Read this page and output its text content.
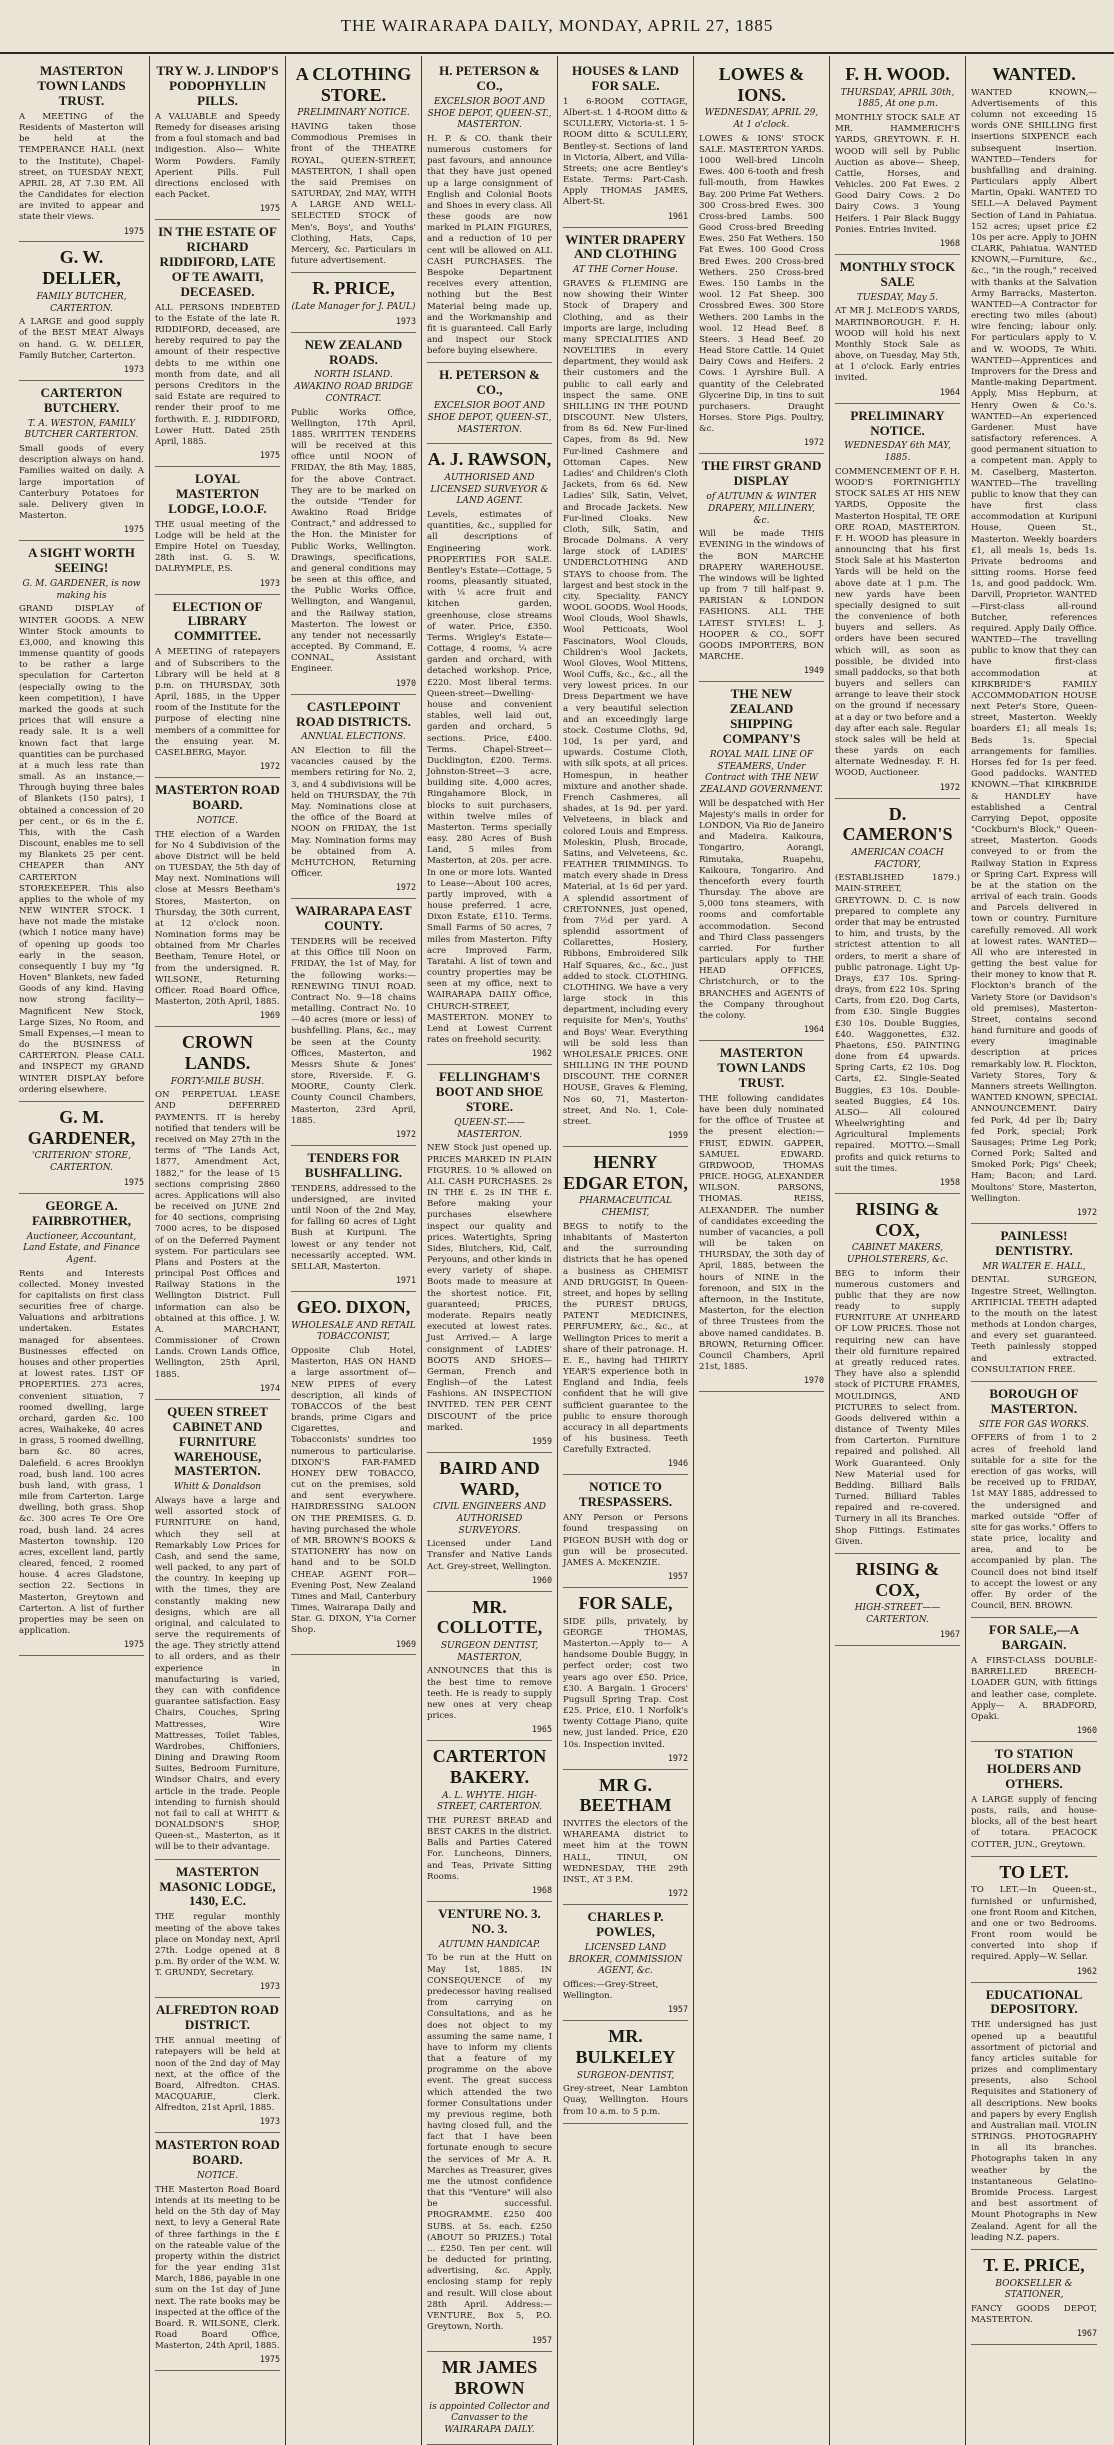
THE WAIRARAPA DAILY, MONDAY, APRIL 27, 1885
MASTERTON TOWN LANDS TRUST.
A MEETING of the Residents of Masterton will be held at the TEMPERANCE HALL (next to the Institute), Chapel-street, on TUESDAY NEXT, APRIL 28, AT 7.30 P.M. All the Candidates for election are invited to appear and state their views.
1975
G. W. DELLER,
FAMILY BUTCHER, CARTERTON.
A LARGE and good supply of the BEST MEAT Always on hand. G. W. DELLER, Family Butcher, Carterton.
1973
CARTERTON BUTCHERY.
T. A. WESTON, FAMILY BUTCHER CARTERTON.
Small goods of every description always on hand. Families waited on daily. A large importation of Canterbury Potatoes for sale. Delivery given in Masterton.
1975
A SIGHT WORTH SEEING!
G. M. GARDENER, is now making his
GRAND DISPLAY of WINTER GOODS. A NEW Winter Stock amounts to £3,000, and knowing this immense quantity of goods to be rather a large speculation for Carterton (especially owing to the keen competition), I have marked the goods at such prices that will ensure a ready sale. It is a well known fact that large quantities can be purchased at a much less rate than small. As an instance,—Through buying three bales of Blankets (150 pairs), I obtained a concession of 20 per cent., or 6s in the £. This, with the Cash Discount, enables me to sell my Blankets 25 per cent. CHEAPER than ANY CARTERTON STOREKEEPER. This also applies to the whole of my NEW WINTER STOCK. I have not made the mistake (which I notice many have) of opening up goods too early in the season, consequently I buy my "Ig Hoven" Blankets, new faded Goods of any kind. Having now strong facility—Magnificent New Stock, Large Sizes, No Room, and Small Expenses,—I mean to do the BUSINESS of CARTERTON. Please CALL and INSPECT my GRAND WINTER DISPLAY before ordering elsewhere.
G. M. GARDENER,
'CRITERION' STORE, CARTERTON.
1975
GEORGE A. FAIRBROTHER,
Auctioneer, Accountant, Land Estate, and Finance Agent.
Rents and Interests collected. Money invested for capitalists on first class securities free of charge. Valuations and arbitrations undertaken. Estates managed for absentees. Businesses effected on houses and other properties at lowest rates. LIST OF PROPERTIES. 273 acres, convenient situation, 7 roomed dwelling, large orchard, garden &c. 100 acres, Waihakeke, 40 acres in grass, 5 roomed dwelling, barn &c. 80 acres, Dalefield. 6 acres Brooklyn road, bush land. 100 acres bush land, with grass, 1 mile from Carterton. Large dwelling, both grass. Shop &c. 300 acres Te Ore Ore road, bush land. 24 acres Masterton township. 120 acres, excellent land, partly cleared, fenced, 2 roomed house. 4 acres Gladstone, section 22. Sections in Masterton, Greytown and Carterton. A list of further properties may be seen on application.
1975
TRY W. J. LINDOP'S PODOPHYLLIN PILLS.
A VALUABLE and Speedy Remedy for diseases arising from a foul stomach and bad indigestion. Also— White Worm Powders. Family Aperient Pills. Full directions enclosed with each Packet.
1975
IN THE ESTATE OF RICHARD RIDDIFORD, LATE OF TE AWAITI, DECEASED.
ALL PERSONS INDEBTED to the Estate of the late R. RIDDIFORD, deceased, are hereby required to pay the amount of their respective debts to me within one month from date, and all persons Creditors in the said Estate are required to render their proof to me forthwith. E. J. RIDDIFORD, Lower Hutt. Dated 25th April, 1885.
1975
LOYAL MASTERTON LODGE, I.O.O.F.
THE usual meeting of the Lodge will be held at the Empire Hotel on Tuesday, 28th inst. G. S. W. DALRYMPLE, P.S.
1973
ELECTION OF LIBRARY COMMITTEE.
A MEETING of ratepayers and of Subscribers to the Library will be held at 8 p.m. on THURSDAY, 30th April, 1885, in the Upper room of the Institute for the purpose of electing nine members of a committee for the ensuing year. M. CASELBERG, Mayor.
1972
MASTERTON ROAD BOARD.
NOTICE.
THE election of a Warden for No 4 Subdivision of the above District will be held on TUESDAY, the 5th day of May next. Nominations will close at Messrs Beetham's Stores, Masterton, on Thursday, the 30th current, at 12 o'clock noon. Nomination forms may be obtained from Mr Charles Beetham, Tenure Hotel, or from the undersigned. R. WILSONE, Returning Officer. Road Board Office, Masterton, 20th April, 1885.
1969
CROWN LANDS.
FORTY-MILE BUSH.
ON PERPETUAL LEASE AND DEFERRED PAYMENTS. IT is hereby notified that tenders will be received on May 27th in the terms of "The Lands Act, 1877, Amendment Act, 1882," for the lease of 15 sections comprising 2860 acres. Applications will also be received on JUNE 2nd for 40 sections, comprising 7000 acres, to be disposed of on the Deferred Payment system. For particulars see Plans and Posters at the principal Post Offices and Railway Stations in the Wellington District. Full information can also be obtained at this office. J. W. A. MARCHANT, Commissioner of Crown Lands. Crown Lands Office, Wellington, 25th April, 1885.
1974
QUEEN STREET CABINET AND FURNITURE WAREHOUSE, MASTERTON.
Whitt & Donaldson
Always have a large and well assorted stock of FURNITURE on hand, which they sell at Remarkably Low Prices for Cash, and send the same, well packed, to any part of the country. In keeping up with the times, they are constantly making new designs, which are all original, and calculated to serve the requirements of the age. They strictly attend to all orders, and as their experience in manufacturing is varied, they can with confidence guarantee satisfaction. Easy Chairs, Couches, Spring Mattresses, Wire Mattresses, Toilet Tables, Wardrobes, Chiffoniers, Dining and Drawing Room Suites, Bedroom Furniture, Windsor Chairs, and every article in the trade. People intending to furnish should not fail to call at WHITT & DONALDSON'S SHOP, Queen-st., Masterton, as it will be to their advantage.
MASTERTON MASONIC LODGE, 1430, E.C.
THE regular monthly meeting of the above takes place on Monday next, April 27th. Lodge opened at 8 p.m. By order of the W.M. W. T. GRUNDY, Secretary.
1973
ALFREDTON ROAD DISTRICT.
THE annual meeting of ratepayers will be held at noon of the 2nd day of May next, at the office of the Board, Alfredton. CHAS. MACQUARIE, Clerk. Alfredton, 21st April, 1885.
1973
MASTERTON ROAD BOARD.
NOTICE.
THE Masterton Road Board intends at its meeting to be held on the 5th day of May next, to levy a General Rate of three farthings in the £ on the rateable value of the property within the district for the year ending 31st March, 1886, payable in one sum on the 1st day of June next. The rate books may be inspected at the office of the Board. R. WILSONE, Clerk. Road Board Office, Masterton, 24th April, 1885.
1975
A CLOTHING STORE.
PRELIMINARY NOTICE.
HAVING taken those Commodious Premises in front of the THEATRE ROYAL, QUEEN-STREET, MASTERTON, I shall open the said Premises on SATURDAY, 2nd MAY, WITH A LARGE AND WELL-SELECTED STOCK of Men's, Boys', and Youths' Clothing, Hats, Caps, Mercery, &c. Particulars in future advertisement.
R. PRICE,
(Late Manager for J. PAUL)
1973
NEW ZEALAND ROADS.
NORTH ISLAND. AWAKINO ROAD BRIDGE CONTRACT.
Public Works Office, Wellington, 17th April, 1885. WRITTEN TENDERS will be received at this office until NOON of FRIDAY, the 8th May, 1885, for the above Contract. They are to be marked on the outside "Tender for Awakino Road Bridge Contract," and addressed to the Hon. the Minister for Public Works, Wellington. Drawings, specifications, and general conditions may be seen at this office, and the Public Works Office, Wellington, and Wanganui, and the Railway station, Masterton. The lowest or any tender not necessarily accepted. By Command, E. CONNAL, Assistant Engineer.
1970
CASTLEPOINT ROAD DISTRICTS.
ANNUAL ELECTIONS.
AN Election to fill the vacancies caused by the members retiring for No. 2, 3, and 4 subdivisions will be held on THURSDAY, the 7th May. Nominations close at the office of the Board at NOON on FRIDAY, the 1st May. Nomination forms may be obtained from A. McHUTCHON, Returning Officer.
1972
WAIRARAPA EAST COUNTY.
TENDERS will be received at this Office till Noon on FRIDAY, the 1st of May, for the following works:— RENEWING TINUI ROAD. Contract No. 9—18 chains metalling. Contract No. 10—40 acres (more or less) of bushfelling. Plans, &c., may be seen at the County Offices, Masterton, and Messrs Shute & Jones' store, Riverside. F. G. MOORE, County Clerk. County Council Chambers, Masterton, 23rd April, 1885.
1972
TENDERS FOR BUSHFALLING.
TENDERS, addressed to the undersigned, are invited until Noon of the 2nd May, for falling 60 acres of Light Bush at Kuripuni. The lowest or any tender not necessarily accepted. WM. SELLAR, Masterton.
1971
GEO. DIXON,
WHOLESALE AND RETAIL TOBACCONIST,
Opposite Club Hotel, Masterton, HAS ON HAND a large assortment of— NEW PIPES of every description, all kinds of TOBACCOS of the best brands, prime Cigars and Cigarettes, and Tobacconists' sundries too numerous to particularise. DIXON'S FAR-FAMED HONEY DEW TOBACCO, cut on the premises, sold and sent everywhere. HAIRDRESSING SALOON ON THE PREMISES. G. D. having purchased the whole of MR. BROWN'S BOOKS & STATIONERY has now on hand and to be SOLD CHEAP. AGENT FOR— Evening Post, New Zealand Times and Mail, Canterbury Times, Wairarapa Daily and Star. G. DIXON, Y'ia Corner Shop.
1969
H. PETERSON & CO.,
EXCELSIOR BOOT AND SHOE DEPOT, QUEEN-ST., MASTERTON.
H. P. & CO. thank their numerous customers for past favours, and announce that they have just opened up a large consignment of English and Colonial Boots and Shoes in every class. All these goods are now marked in PLAIN FIGURES, and a reduction of 10 per cent will be allowed on ALL CASH PURCHASES. The Bespoke Department receives every attention, nothing but the Best Material being made up, and the Workmanship and fit is guaranteed. Call Early and inspect our Stock before buying elsewhere.
H. PETERSON & CO.,
EXCELSIOR BOOT AND SHOE DEPOT, QUEEN-ST., MASTERTON.
A. J. RAWSON,
AUTHORISED AND LICENSED SURVEYOR & LAND AGENT.
Levels, estimates of quantities, &c., supplied for all descriptions of Engineering work. PROPERTIES FOR SALE. Bentley's Estate—Cottage, 5 rooms, pleasantly situated, with ¼ acre fruit and kitchen garden, greenhouse, close streams of water. Price, £350. Terms. Wrigley's Estate—Cottage, 4 rooms, ¼ acre garden and orchard, with detached workshop. Price, £220. Most liberal terms. Queen-street—Dwelling-house and convenient stables, well laid out, garden and orchard, 5 sections. Price, £400. Terms. Chapel-Street—Ducklington, £200. Terms. Johnston-Street—3 acre, building site. 4,000 acres, Ringahamore Block, in blocks to suit purchasers, within twelve miles of Masterton. Terms specially easy. 280 Acres of Bush Land, 5 miles from Masterton, at 20s. per acre. In one or more lots. Wanted to Lease—About 100 acres, partly improved, with a house preferred. 1 acre, Dixon Estate, £110. Terms. Small Farms of 50 acres, 7 miles from Masterton. Fifty acre Improved Farm, Taratahi. A list of town and country properties may be seen at my office, next to WAIRARAPA DAILY Office, CHURCH-STREET, MASTERTON. MONEY to Lend at Lowest Current rates on freehold security.
1962
FELLINGHAM'S BOOT AND SHOE STORE.
QUEEN-ST.——MASTERTON.
NEW Stock just opened up. PRICES MARKED IN PLAIN FIGURES. 10 % allowed on ALL CASH PURCHASES. 2s IN THE £. 2s IN THE £. Before making your purchases elsewhere inspect our quality and prices. Watertights, Spring Sides, Blutchers, Kid, Calf, Peryouns, and other kinds in every variety of shape. Boots made to measure at the shortest notice. Fit, guaranteed; PRICES, moderate. Repairs neatly executed at lowest rates. Just Arrived.— A large consignment of LADIES' BOOTS AND SHOES—German, French and English—of the Latest Fashions. AN INSPECTION INVITED. TEN PER CENT DISCOUNT of the price marked.
1959
BAIRD AND WARD,
CIVIL ENGINEERS AND AUTHORISED SURVEYORS.
Licensed under Land Transfer and Native Lands Act. Grey-street, Wellington.
1960
MR. COLLOTTE,
SURGEON DENTIST, MASTERTON,
ANNOUNCES that this is the best time to remove teeth. He is ready to supply new ones at very cheap prices.
1965
CARTERTON BAKERY.
A. L. WHYTE. HIGH-STREET, CARTERTON.
THE PUREST BREAD and BEST CAKES in the district. Balls and Parties Catered For. Luncheons, Dinners, and Teas, Private Sitting Rooms.
1968
VENTURE NO. 3. NO. 3.
AUTUMN HANDICAP.
To be run at the Hutt on May 1st, 1885. IN CONSEQUENCE of my predecessor having realised from carrying on Consultations, and as he does not object to my assuming the same name, I have to inform my clients that a feature of my programme on the above event. The great success which attended the two former Consultations under my previous regime, both having closed full, and the fact that I have been fortunate enough to secure the services of Mr A. R. Marches as Treasurer, gives me the utmost confidence that this "Venture" will also be successful. PROGRAMME. £250 400 SUBS. at 5s. each. £250 (ABOUT 50 PRIZES.) Total ... £250. Ten per cent. will be deducted for printing, advertising, &c. Apply, enclosing stamp for reply and result. Will close about 28th April. Address:— VENTURE, Box 5, P.O. Greytown, North.
1957
MR JAMES BROWN
is appointed Collector and Canvasser to the WAIRARAPA DAILY.
HOUSES & LAND FOR SALE.
1 6-ROOM COTTAGE, Albert-st. 1 4-ROOM ditto & SCULLERY, Victoria-st. 1 5-ROOM ditto & SCULLERY, Bentley-st. Sections of land in Victoria, Albert, and Villa-Streets; one acre Bentley's Estate. Terms: Part-Cash. Apply THOMAS JAMES, Albert-St.
1961
WINTER DRAPERY AND CLOTHING
AT THE Corner House.
GRAVES & FLEMING are now showing their Winter Stock of Drapery and Clothing, and as their imports are large, including many SPECIALITIES AND NOVELTIES in every department, they would ask their customers and the public to call early and inspect the same. ONE SHILLING IN THE POUND DISCOUNT. New Ulsters, from 8s 6d. New Fur-lined Capes, from 8s 9d. New Fur-lined Cashmere and Ottoman Capes. New Ladies' and Children's Cloth Jackets, from 6s 6d. New Ladies' Silk, Satin, Velvet, and Brocade Jackets. New Fur-lined Cloaks. New Cloth, Silk, Satin, and Brocade Dolmans. A very large stock of LADIES' UNDERCLOTHING AND STAYS to choose from. The largest and best stock in the city. Speciality. FANCY WOOL GOODS. Wool Hoods, Wool Clouds, Wool Shawls, Wool Petticoats, Wool Fascinators, Wool Clouds, Children's Wool Jackets, Wool Gloves, Wool Mittens, Wool Cuffs, &c., &c., all the very lowest prices. In our Dress Department we have a very beautiful selection and an exceedingly large stock. Costume Cloths, 9d, 10d, 1s per yard, and upwards. Costume Cloth, with silk spots, at all prices. Homespun, in heather mixture and another shade. French Cashmeres, all shades, at 1s 9d. per yard. Velveteens, in black and colored Louis and Empress. Moleskin, Plush, Brocade, Satins, and Velveteens, &c. FEATHER TRIMMINGS. To match every shade in Dress Material, at 1s 6d per yard. A splendid assortment of CRETONNES, just opened, from 7½d per yard. A splendid assortment of Collarettes, Hosiery, Ribbons, Embroidered Silk Half Squares, &c., &c., just added to stock. CLOTHING. CLOTHING. We have a very large stock in this department, including every requisite for Men's, Youths' and Boys' Wear. Everything will be sold less than WHOLESALE PRICES. ONE SHILLING IN THE POUND DISCOUNT. THE CORNER HOUSE, Graves & Fleming, Nos 60, 71, Masterton-street, And No. 1, Cole-street.
1959
HENRY EDGAR ETON,
PHARMACEUTICAL CHEMIST,
BEGS to notify to the inhabitants of Masterton and the surrounding districts that he has opened a business as CHEMIST AND DRUGGIST, In Queen-street, and hopes by selling the PUREST DRUGS, PATENT MEDICINES, PERFUMERY, &c., &c., at Wellington Prices to merit a share of their patronage. H. E. E., having had THIRTY YEAR'S experience both in England and India, feels confident that he will give sufficient guarantee to the public to ensure thorough accuracy in all departments of his business. Teeth Carefully Extracted.
1946
NOTICE TO TRESPASSERS.
ANY Person or Persons found trespassing on PIGEON BUSH with dog or gun will be prosecuted. JAMES A. McKENZIE.
1957
FOR SALE,
SIDE pills, privately, by GEORGE THOMAS, Masterton.—Apply to— A handsome Double Buggy, in perfect order; cost two years ago over £50. Price, £30. A Bargain. 1 Grocers' Pugsull Spring Trap. Cost £25. Price, £10. 1 Norfolk's twenty Cottage Piano, quite new, just landed. Price, £20 10s. Inspection invited.
1972
MR G. BEETHAM
INVITES the electors of the WHAREAMA district to meet him at the TOWN HALL, TINUI, ON WEDNESDAY, THE 29th INST., AT 3 P.M.
1972
CHARLES P. POWLES,
LICENSED LAND BROKER, COMMISSION AGENT, &c.
Offices:—Grey-Street, Wellington.
1957
MR. BULKELEY
SURGEON-DENTIST,
Grey-street, Near Lambton Quay, Wellington. Hours from 10 a.m. to 5 p.m.
LOWES & IONS.
WEDNESDAY, APRIL 29, At 1 o'clock.
LOWES & IONS' STOCK SALE. MASTERTON YARDS. 1000 Well-bred Lincoln Ewes. 400 6-tooth and fresh full-mouth, from Hawkes Bay. 200 Prime Fat Wethers. 300 Cross-bred Ewes. 300 Cross-bred Lambs. 500 Good Cross-bred Breeding Ewes. 250 Fat Wethers. 150 Fat Ewes. 100 Good Cross Bred Ewes. 200 Cross-bred Wethers. 250 Cross-bred Ewes. 150 Lambs in the wool. 12 Fat Sheep. 300 Crossbred Ewes. 300 Store Wethers. 200 Lambs in the wool. 12 Head Beef. 8 Steers. 3 Head Beef. 20 Head Store Cattle. 14 Quiet Dairy Cows and Heifers. 2 Cows. 1 Ayrshire Bull. A quantity of the Celebrated Glycerine Dip, in tins to suit purchasers. Draught Horses. Store Pigs. Poultry, &c.
1972
THE FIRST GRAND DISPLAY
of AUTUMN & WINTER DRAPERY, MILLINERY, &c.
Will be made THIS EVENING in the windows of the BON MARCHE DRAPERY WAREHOUSE. The windows will be lighted up from 7 till half-past 9. PARISIAN & LONDON FASHIONS. ALL THE LATEST STYLES! L. J. HOOPER & CO., SOFT GOODS IMPORTERS, BON MARCHE.
1949
THE NEW ZEALAND SHIPPING COMPANY'S
ROYAL MAIL LINE OF STEAMERS, Under Contract with THE NEW ZEALAND GOVERNMENT.
Will be despatched with Her Majesty's mails in order for LONDON, Via Rio de Janeiro and Madeira. Kaikoura, Tongariro, Aorangi, Rimutaka, Ruapehu, Kaikoura, Tongariro. And thenceforth every fourth Thursday. The above are 5,000 tons steamers, with rooms and comfortable accommodation. Second and Third Class passengers carried. For further particulars apply to THE HEAD OFFICES, Christchurch, or to the BRANCHES and AGENTS of the Company throughout the colony.
1964
MASTERTON TOWN LANDS TRUST.
THE following candidates have been duly nominated for the office of Trustee at the present election:— FRIST, EDWIN. GAPPER, SAMUEL EDWARD. GIRDWOOD, THOMAS PRICE. HOGG, ALEXANDER WILSON. PARSONS, THOMAS. REISS, ALEXANDER. The number of candidates exceeding the number of vacancies, a poll will be taken on THURSDAY, the 30th day of April, 1885, between the hours of NINE in the forenoon, and SIX in the afternoon, in the Institute, Masterton, for the election of three Trustees from the above named candidates. B. BROWN, Returning Officer. Council Chambers, April 21st, 1885.
1970
F. H. WOOD.
THURSDAY, APRIL 30th, 1885, At one p.m.
MONTHLY STOCK SALE AT MR. HAMMERICH'S YARDS, GREYTOWN. F. H. WOOD will sell by Public Auction as above— Sheep, Cattle, Horses, and Vehicles. 200 Fat Ewes. 2 Good Dairy Cows. 2 Do Dairy Cows. 3 Young Heifers. 1 Pair Black Buggy Ponies. Entries Invited.
1968
MONTHLY STOCK SALE
TUESDAY, May 5.
AT MR J. McLEOD'S YARDS, MARTINBOROUGH. F. H. WOOD will hold his next Monthly Stock Sale as above, on Tuesday, May 5th, at 1 o'clock. Early entries invited.
1964
PRELIMINARY NOTICE.
WEDNESDAY 6th MAY, 1885.
COMMENCEMENT OF F. H. WOOD'S FORTNIGHTLY STOCK SALES AT HIS NEW YARDS, Opposite the Masterton Hospital, TE ORE ORE ROAD, MASTERTON. F. H. WOOD has pleasure in announcing that his first Stock Sale at his Masterton Yards will be held on the above date at 1 p.m. The new yards have been specially designed to suit the convenience of both buyers and sellers. As orders have been secured which will, as soon as possible, be divided into small paddocks, so that both buyers and sellers can arrange to leave their stock on the ground if necessary at a day or two before and a day after each sale. Regular stock sales will be held at these yards on each alternate Wednesday. F. H. WOOD, Auctioneer.
1972
D. CAMERON'S
AMERICAN COACH FACTORY,
(ESTABLISHED 1879.) MAIN-STREET, GREYTOWN. D. C. is now prepared to complete any order that may be entrusted to him, and trusts, by the strictest attention to all orders, to merit a share of public patronage. Light Up-Drays, £37 10s. Spring-drays, from £22 10s. Spring Carts, from £20. Dog Carts, from £30. Single Buggies £30 10s. Double Buggies, £40. Waggonettes, £32. Phaetons, £50. PAINTING done from £4 upwards. Spring Carts, £2 10s. Dog Carts, £2. Single-Seated Buggies, £3 10s. Double-seated Buggies, £4 10s. ALSO— All coloured Wheelwrighting and Agricultural Implements repaired. MOTTO.—Small profits and quick returns to suit the times.
1958
RISING & COX,
CABINET MAKERS, UPHOLSTERERS, &c.
BEG to inform their numerous customers and public that they are now ready to supply FURNITURE AT UNHEARD OF LOW PRICES. Those not requiring new can have their old furniture repaired at greatly reduced rates. They have also a splendid stock of PICTURE FRAMES, MOULDINGS, AND PICTURES to select from. Goods delivered within a distance of Twenty Miles from Carterton. Furniture repaired and polished. All Work Guaranteed. Only New Material used for Bedding. Billiard Balls Turned. Billiard Tables repaired and re-covered. Turnery in all its Branches. Shop Fittings. Estimates Given.
RISING & COX,
HIGH-STREET——CARTERTON.
1967
WANTED.
WANTED KNOWN,—Advertisements of this column not exceeding 15 words ONE SHILLING first insertions SIXPENCE each subsequent insertion. WANTED—Tenders for bushfalling and draining. Particulars apply Albert Martin, Opaki. WANTED TO SELL—A Delaved Payment Section of Land in Pahiatua. 152 acres; upset price £2 10s per acre. Apply to JOHN CLARK, Pahiatua. WANTED KNOWN,—Furniture, &c., &c., "in the rough," received with thanks at the Salvation Army Barracks, Masterton. WANTED—A Contractor for erecting two miles (about) wire fencing; labour only. For particulars apply to V. and W. WOODS, Te Whiti. WANTED—Apprentices and Improvers for the Dress and Mantle-making Department. Apply, Miss Hepburn, at Henry Owen & Co.'s. WANTED—An experienced Gardener. Must have satisfactory references. A good permanent situation to a competent man. Apply to M. Caselberg, Masterton. WANTED—The travelling public to know that they can have first class accommodation at Kuripuni House, Queen St., Masterton. Weekly boarders £1, all meals 1s, beds 1s. Private bedrooms and sitting rooms. Horse feed 1s, and good paddock. Wm. Darvill, Proprietor. WANTED—First-class all-round Butcher, references required. Apply Daily Office. WANTED—The travelling public to know that they can have first-class accommodation at KIRKBRIDE'S FAMILY ACCOMMODATION HOUSE next Peter's Store, Queen-street, Masterton. Weekly boarders £1; all meals 1s; Beds 1s. Special arrangements for families. Horses fed for 1s per feed. Good paddocks. WANTED KNOWN.—That KIRKBRIDE & HANDLEY have established a Central Carrying Depot, opposite "Cockburn's Block," Queen-street, Masterton. Goods conveyed to or from the Railway Station in Express or Spring Cart. Express will be at the station on the arrival of each train. Goods and Parcels delivered in town or country. Furniture carefully removed. All work at lowest rates. WANTED—All who are interested in getting the best value for their money to know that R. Flockton's branch of the Variety Store (or Davidson's old premises), Masterton-Street, contains second hand furniture and goods of every imaginable description at prices remarkably low. R. Flockton, Variety Stores, Tory & Manners streets Wellington. WANTED KNOWN, SPECIAL ANNOUNCEMENT. Dairy fed Pork, 4d per lb; Dairy fed Pork, special; Pork Sausages; Prime Leg Pork; Corned Pork; Salted and Smoked Pork; Pigs' Cheek; Ham; Bacon; and Lard. Moultons' Store, Masterton, Wellington.
1972
PAINLESS! DENTISTRY.
MR WALTER E. HALL,
DENTAL SURGEON, Ingestre Street, Wellington. ARTIFICIAL TEETH adapted to the mouth on the latest methods at London charges, and every set guaranteed. Teeth painlessly stopped and extracted. CONSULTATION FREE.
BOROUGH OF MASTERTON.
SITE FOR GAS WORKS.
OFFERS of from 1 to 2 acres of freehold land suitable for a site for the erection of gas works, will be received up to FRIDAY, 1st MAY 1885, addressed to the undersigned and marked outside "Offer of site for gas works." Offers to state price, locality and area, and to be accompanied by plan. The Council does not bind itself to accept the lowest or any offer. By order of the Council, BEN. BROWN.
FOR SALE,—A BARGAIN.
A FIRST-CLASS DOUBLE-BARRELLED BREECH-LOADER GUN, with fittings and leather case, complete. Apply— A. BRADFORD, Opaki.
1960
TO STATION HOLDERS AND OTHERS.
A LARGE supply of fencing posts, rails, and house-blocks, all of the best heart of totara. PEACOCK COTTER, JUN., Greytown.
TO LET.
TO LET.—In Queen-st., furnished or unfurnished, one front Room and Kitchen, and one or two Bedrooms. Front room would be converted into shop if required. Apply—W. Sellar.
1962
EDUCATIONAL DEPOSITORY.
THE undersigned has just opened up a beautiful assortment of pictorial and fancy articles suitable for prizes and complimentary presents, also School Requisites and Stationery of all descriptions. New books and papers by every English and Australian mail. VIOLIN STRINGS. PHOTOGRAPHY in all its branches. Photographs taken in any weather by the instantaneous Gelatino-Bromide Process. Largest and best assortment of Mount Photographs in New Zealand. Agent for all the leading N.Z. papers.
T. E. PRICE,
BOOKSELLER & STATIONER,
FANCY GOODS DEPOT, MASTERTON.
1967
